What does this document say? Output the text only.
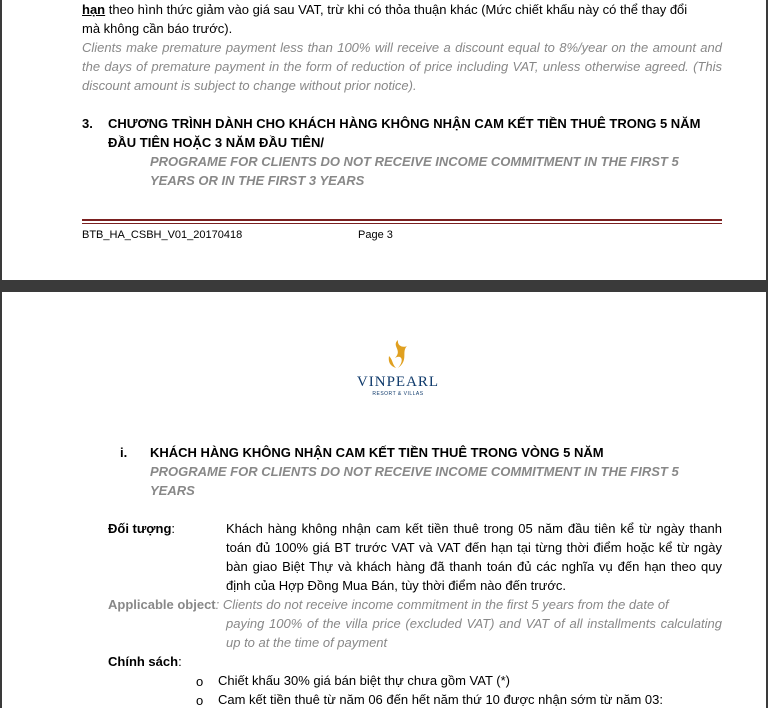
hạn theo hình thức giảm vào giá sau VAT, trừ khi có thỏa thuận khác (Mức chiết khấu này có thể thay đổi

mà không cần báo trước).

Clients make premature payment less than 100% will receive a discount equal to 8%/year on the amount and the days of premature payment in the form of reduction of price including VAT, unless otherwise agreed. (This discount amount is subject to change without prior notice).

3. CHƯƠNG TRÌNH DÀNH CHO KHÁCH HÀNG KHÔNG NHẬN CAM KẾT TIỀN THUÊ TRONG 5 NĂM ĐẦU TIÊN HOẶC 3 NĂM ĐẦU TIÊN/

PROGRAME FOR CLIENTS DO NOT RECEIVE INCOME COMMITMENT IN THE FIRST 5 YEARS OR IN THE FIRST 3 YEARS

BTB_HA_CSBH_V01_20170418	Page 3
VINPEARL
RESORT & VILLAS

i. KHÁCH HÀNG KHÔNG NHẬN CAM KẾT TIỀN THUÊ TRONG VÒNG 5 NĂM

PROGRAME FOR CLIENTS DO NOT RECEIVE INCOME COMMITMENT IN THE FIRST 5 YEARS

Đối tượng:	Khách hàng không nhận cam kết tiền thuê trong 05 năm đầu tiên kể từ ngày thanh toán đủ 100% giá BT trước VAT và VAT đến hạn tại từng thời điểm hoặc kể từ ngày bàn giao Biệt Thự và khách hàng đã thanh toán đủ các nghĩa vụ đến hạn theo quy định của Hợp Đồng Mua Bán, tùy thời điểm nào đến trước.

Applicable object: Clients do not receive income commitment in the first 5 years from the date of

paying 100% of the villa price (excluded VAT) and VAT of all installments calculating up to at the time of payment

Chính sách:

o Chiết khấu 30% giá bán biệt thự chưa gồm VAT (*)

o Cam kết tiền thuê từ năm 06 đến hết năm thứ 10 được nhận sớm từ năm 03:
